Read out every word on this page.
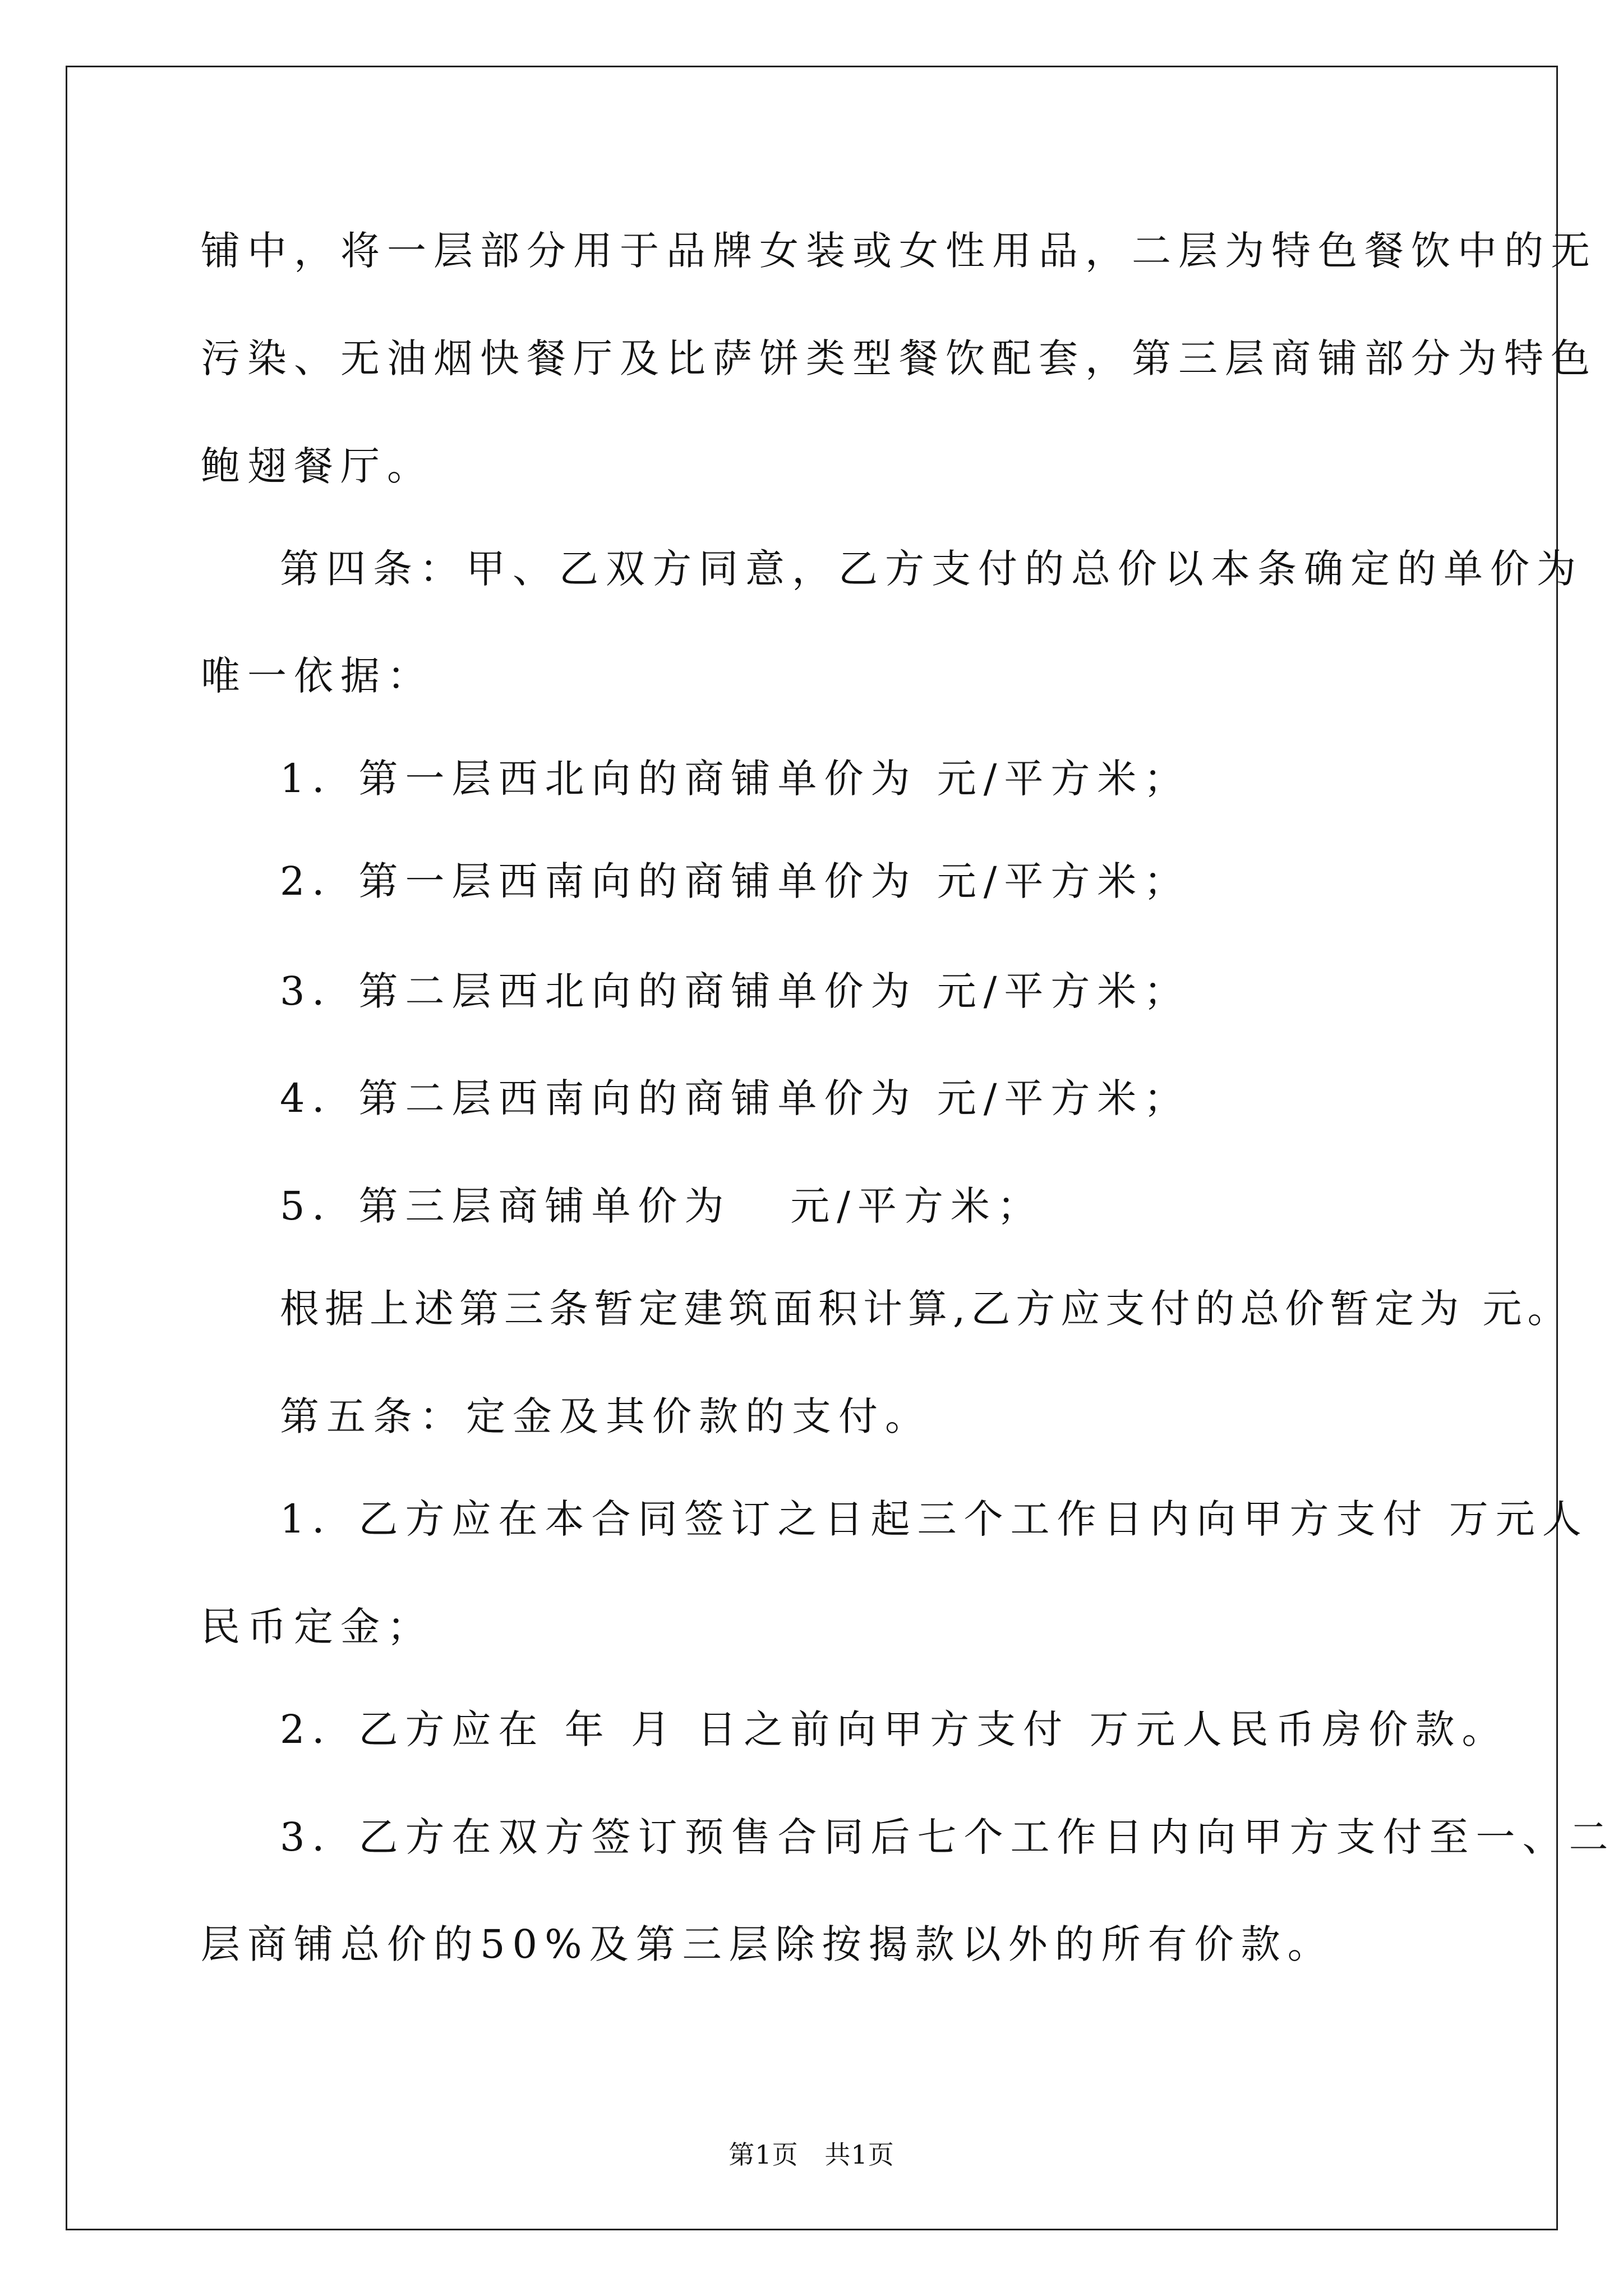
铺中，将一层部分用于品牌女装或女性用品，二层为特色餐饮中的无
污染、无油烟快餐厅及比萨饼类型餐饮配套，第三层商铺部分为特色
鲍翅餐厅。
第四条：甲、乙双方同意，乙方支付的总价以本条确定的单价为
唯一依据：
1．第一层西北向的商铺单价为 元/平方米；
2．第一层西南向的商铺单价为 元/平方米；
3．第二层西北向的商铺单价为 元/平方米；
4．第二层西南向的商铺单价为 元/平方米；
5．第三层商铺单价为   元/平方米；
根据上述第三条暂定建筑面积计算,乙方应支付的总价暂定为 元。
第五条：定金及其价款的支付。
1．乙方应在本合同签订之日起三个工作日内向甲方支付 万元人
民币定金；
2．乙方应在 年 月 日之前向甲方支付 万元人民币房价款。
3．乙方在双方签订预售合同后七个工作日内向甲方支付至一、二
层商铺总价的50%及第三层除按揭款以外的所有价款。
第1页   共1页
